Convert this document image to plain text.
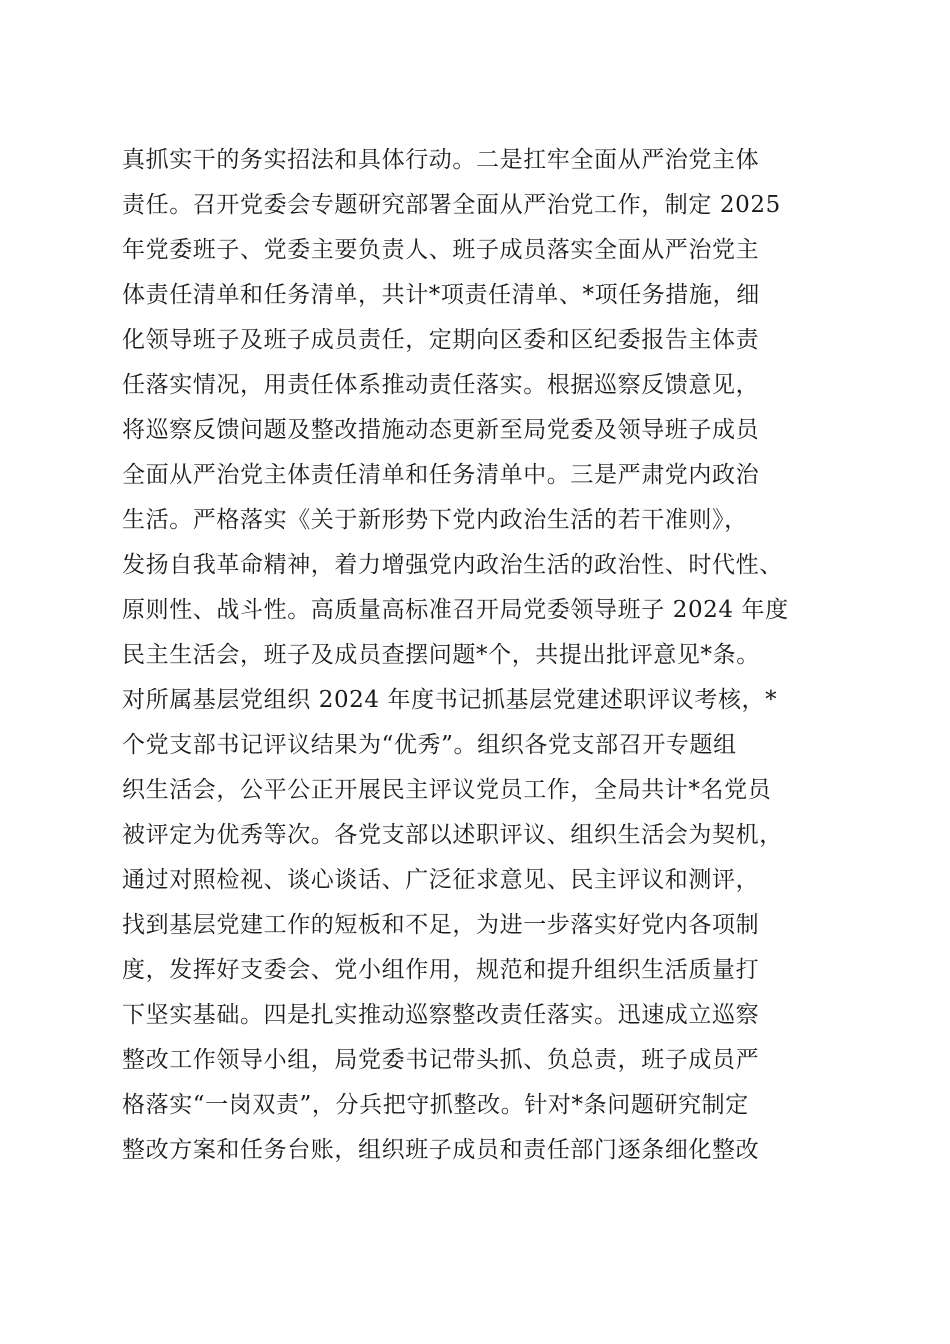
真抓实干的务实招法和具体行动。二是扛牢全面从严治党主体
责任。召开党委会专题研究部署全面从严治党工作，制定 2025
年党委班子、党委主要负责人、班子成员落实全面从严治党主
体责任清单和任务清单，共计*项责任清单、*项任务措施，细
化领导班子及班子成员责任，定期向区委和区纪委报告主体责
任落实情况，用责任体系推动责任落实。根据巡察反馈意见，
将巡察反馈问题及整改措施动态更新至局党委及领导班子成员
全面从严治党主体责任清单和任务清单中。三是严肃党内政治
生活。严格落实《关于新形势下党内政治生活的若干准则》，
发扬自我革命精神，着力增强党内政治生活的政治性、时代性、
原则性、战斗性。高质量高标准召开局党委领导班子 2024 年度
民主生活会，班子及成员查摆问题*个，共提出批评意见*条。
对所属基层党组织 2024 年度书记抓基层党建述职评议考核，*
个党支部书记评议结果为“优秀”。组织各党支部召开专题组
织生活会，公平公正开展民主评议党员工作，全局共计*名党员
被评定为优秀等次。各党支部以述职评议、组织生活会为契机，
通过对照检视、谈心谈话、广泛征求意见、民主评议和测评，
找到基层党建工作的短板和不足，为进一步落实好党内各项制
度，发挥好支委会、党小组作用，规范和提升组织生活质量打
下坚实基础。四是扎实推动巡察整改责任落实。迅速成立巡察
整改工作领导小组，局党委书记带头抓、负总责，班子成员严
格落实“一岗双责”，分兵把守抓整改。针对*条问题研究制定
整改方案和任务台账，组织班子成员和责任部门逐条细化整改
